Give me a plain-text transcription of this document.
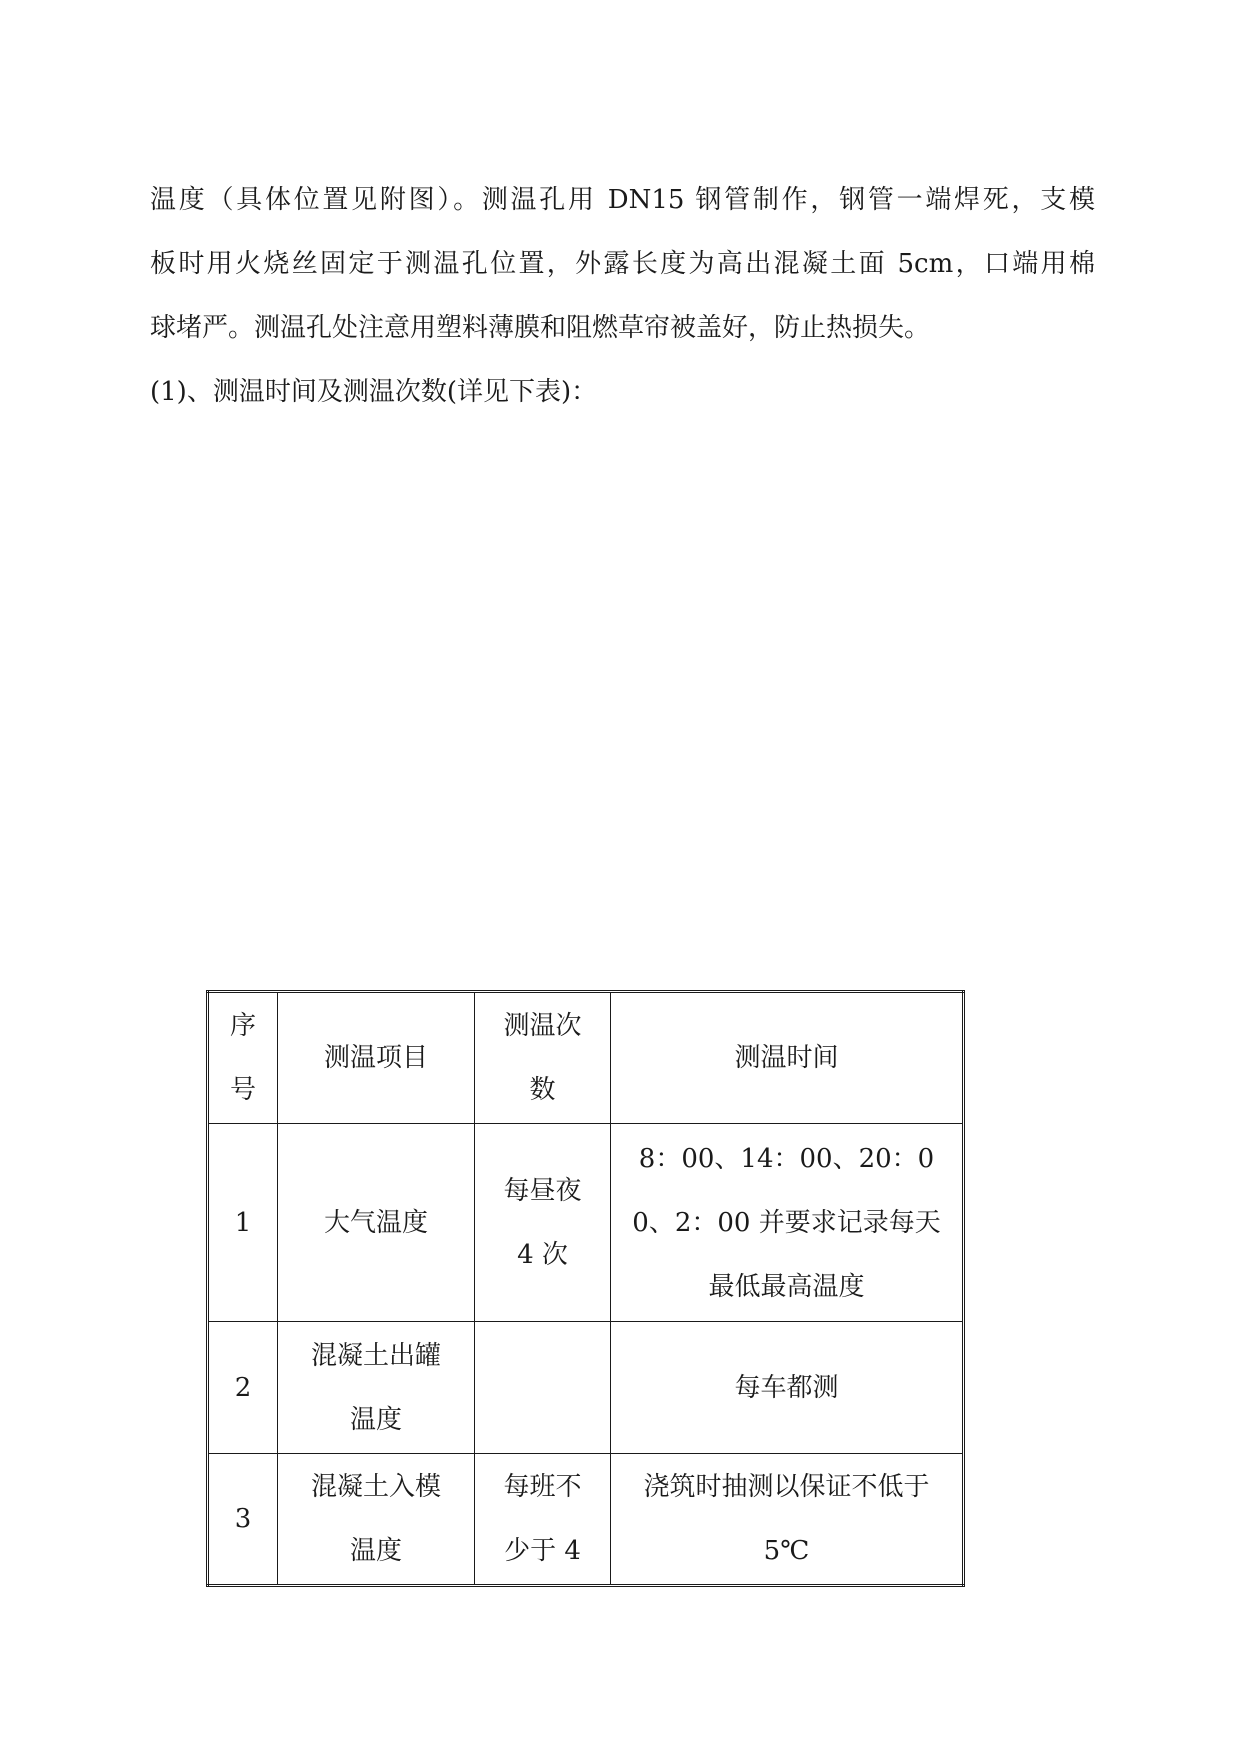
温度（具体位置见附图）。测温孔用 DN15 钢管制作，钢管一端焊死，支模
板时用火烧丝固定于测温孔位置，外露长度为高出混凝土面 5cm，口端用棉
球堵严。测温孔处注意用塑料薄膜和阻燃草帘被盖好，防止热损失。
(1)、测温时间及测温次数(详见下表)：
序号	测温项目	测温次数	测温时间
1	大气温度	每昼夜 4 次	8：00、14：00、20：00、2：00 并要求记录每天最低最高温度
2	混凝土出罐温度		每车都测
3	混凝土入模温度	每班不少于 4	浇筑时抽测以保证不低于 5℃
